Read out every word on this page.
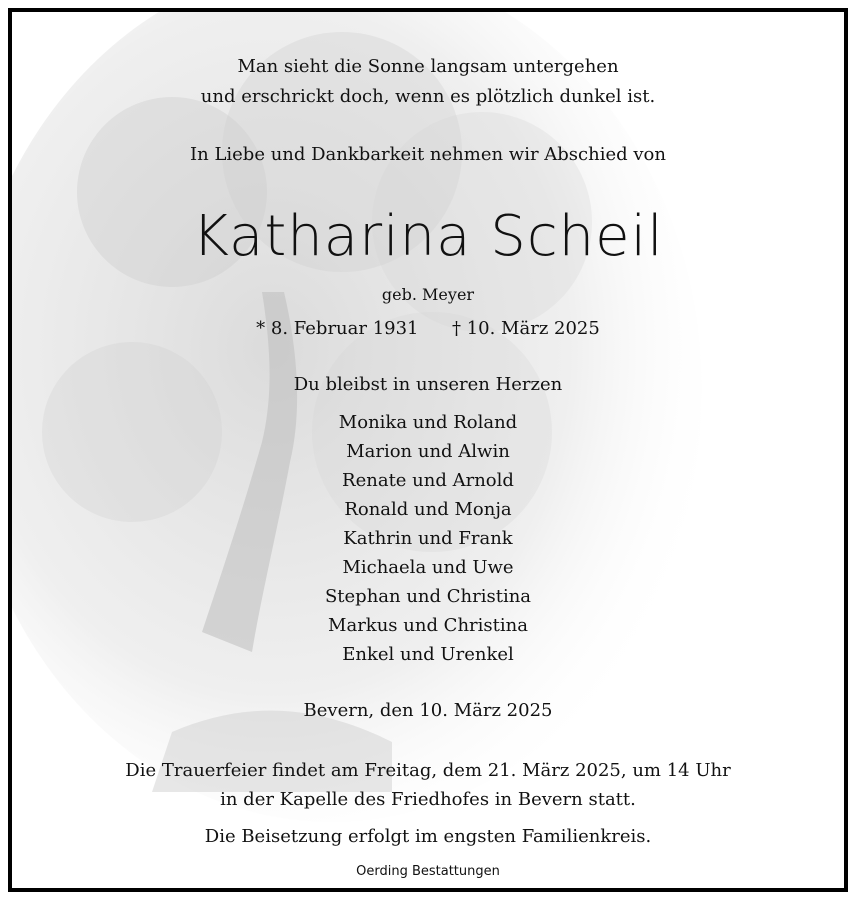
Man sieht die Sonne langsam untergehen
und erschrickt doch, wenn es plötzlich dunkel ist.
In Liebe und Dankbarkeit nehmen wir Abschied von
Katharina Scheil
geb. Meyer
* 8. Februar 1931 † 10. März 2025
Du bleibst in unseren Herzen
Monika und Roland
Marion und Alwin
Renate und Arnold
Ronald und Monja
Kathrin und Frank
Michaela und Uwe
Stephan und Christina
Markus und Christina
Enkel und Urenkel
Bevern, den 10. März 2025
Die Trauerfeier findet am Freitag, dem 21. März 2025, um 14 Uhr
in der Kapelle des Friedhofes in Bevern statt.
Die Beisetzung erfolgt im engsten Familienkreis.
Oerding Bestattungen
